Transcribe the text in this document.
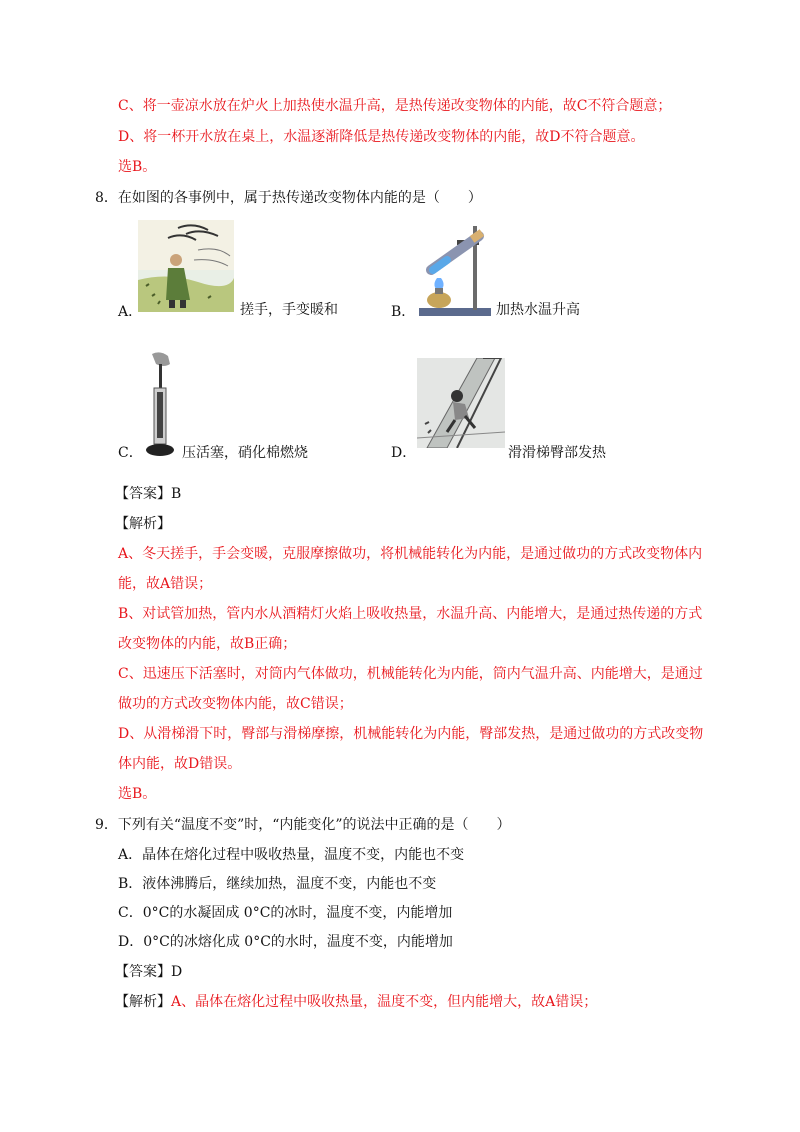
C、将一壶凉水放在炉火上加热使水温升高，是热传递改变物体的内能，故C不符合题意；
D、将一杯开水放在桌上，水温逐渐降低是热传递改变物体的内能，故D不符合题意。
选B。
8．在如图的各事例中，属于热传递改变物体内能的是（　　）
A．	搓手，手变暖和	B．	加热水温升高
C．	压活塞，硝化棉燃烧	D．	滑滑梯臀部发热
【答案】B
【解析】
A、冬天搓手，手会变暖，克服摩擦做功，将机械能转化为内能，是通过做功的方式改变物体内
能，故A错误；
B、对试管加热，管内水从酒精灯火焰上吸收热量，水温升高、内能增大，是通过热传递的方式
改变物体的内能，故B正确；
C、迅速压下活塞时，对筒内气体做功，机械能转化为内能，筒内气温升高、内能增大，是通过
做功的方式改变物体内能，故C错误；
D、从滑梯滑下时，臀部与滑梯摩擦，机械能转化为内能，臀部发热，是通过做功的方式改变物
体内能，故D错误。
选B。
9．下列有关“温度不变”时，“内能变化”的说法中正确的是（　　）
A．晶体在熔化过程中吸收热量，温度不变，内能也不变
B．液体沸腾后，继续加热，温度不变，内能也不变
C．0°C的水凝固成 0°C的冰时，温度不变，内能增加
D．0°C的冰熔化成 0°C的水时，温度不变，内能增加
【答案】D
【解析】A、晶体在熔化过程中吸收热量，温度不变，但内能增大，故A错误；
